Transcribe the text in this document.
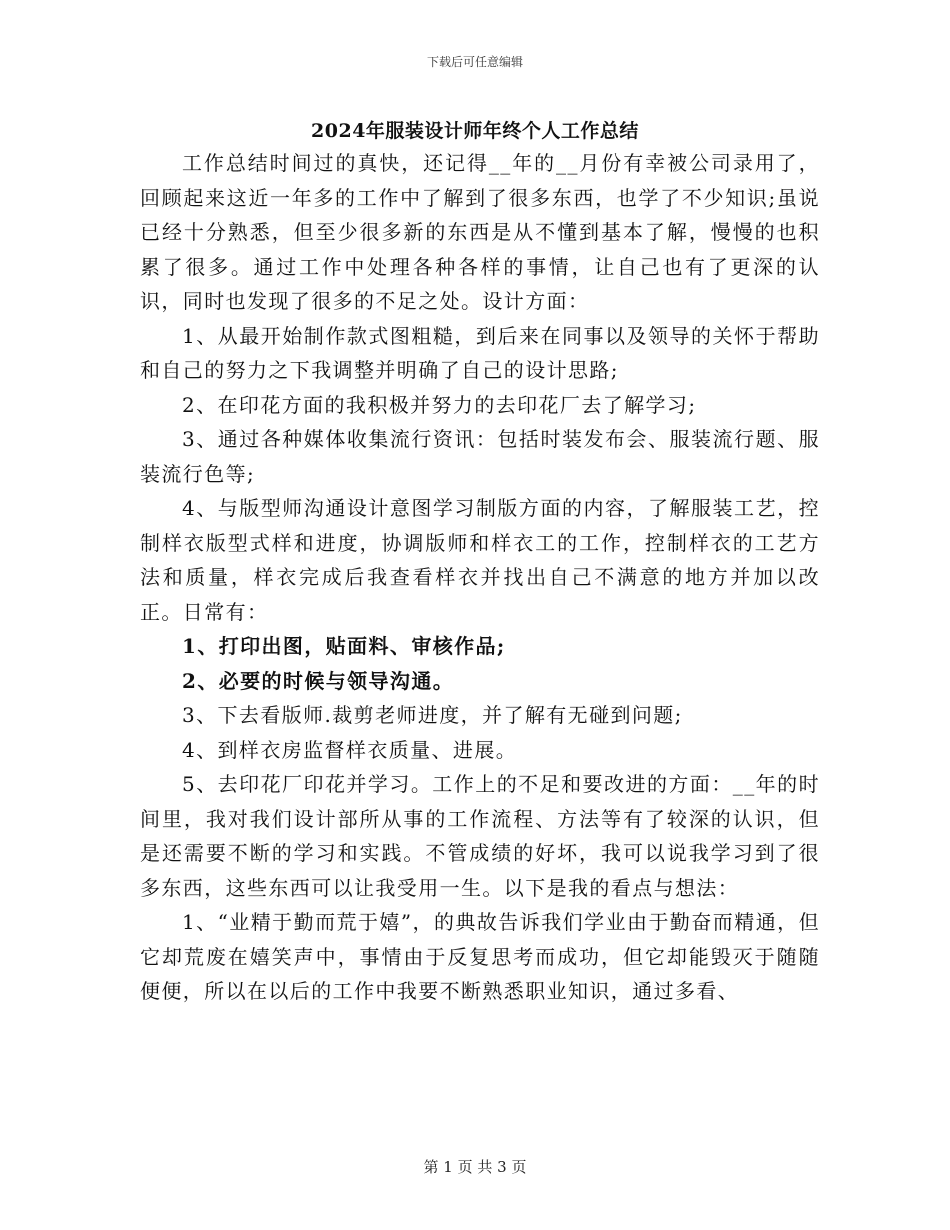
下载后可任意编辑
2024年服装设计师年终个人工作总结

工作总结时间过的真快，还记得__年的__月份有幸被公司录用了，回顾起来这近一年多的工作中了解到了很多东西，也学了不少知识;虽说已经十分熟悉，但至少很多新的东西是从不懂到基本了解，慢慢的也积累了很多。通过工作中处理各种各样的事情，让自己也有了更深的认识，同时也发现了很多的不足之处。设计方面：

1、从最开始制作款式图粗糙，到后来在同事以及领导的关怀于帮助和自己的努力之下我调整并明确了自己的设计思路;

2、在印花方面的我积极并努力的去印花厂去了解学习;

3、通过各种媒体收集流行资讯：包括时装发布会、服装流行题、服装流行色等;

4、与版型师沟通设计意图学习制版方面的内容，了解服装工艺，控制样衣版型式样和进度，协调版师和样衣工的工作，控制样衣的工艺方法和质量，样衣完成后我查看样衣并找出自己不满意的地方并加以改正。日常有：

1、打印出图，贴面料、审核作品;

2、必要的时候与领导沟通。

3、下去看版师.裁剪老师进度，并了解有无碰到问题;

4、到样衣房监督样衣质量、进展。

5、去印花厂印花并学习。工作上的不足和要改进的方面：__年的时间里，我对我们设计部所从事的工作流程、方法等有了较深的认识，但是还需要不断的学习和实践。不管成绩的好坏，我可以说我学习到了很多东西，这些东西可以让我受用一生。以下是我的看点与想法：

1、“业精于勤而荒于嬉”，的典故告诉我们学业由于勤奋而精通，但它却荒废在嬉笑声中，事情由于反复思考而成功，但它却能毁灭于随随便便，所以在以后的工作中我要不断熟悉职业知识，通过多看、

第 1 页 共 3 页
